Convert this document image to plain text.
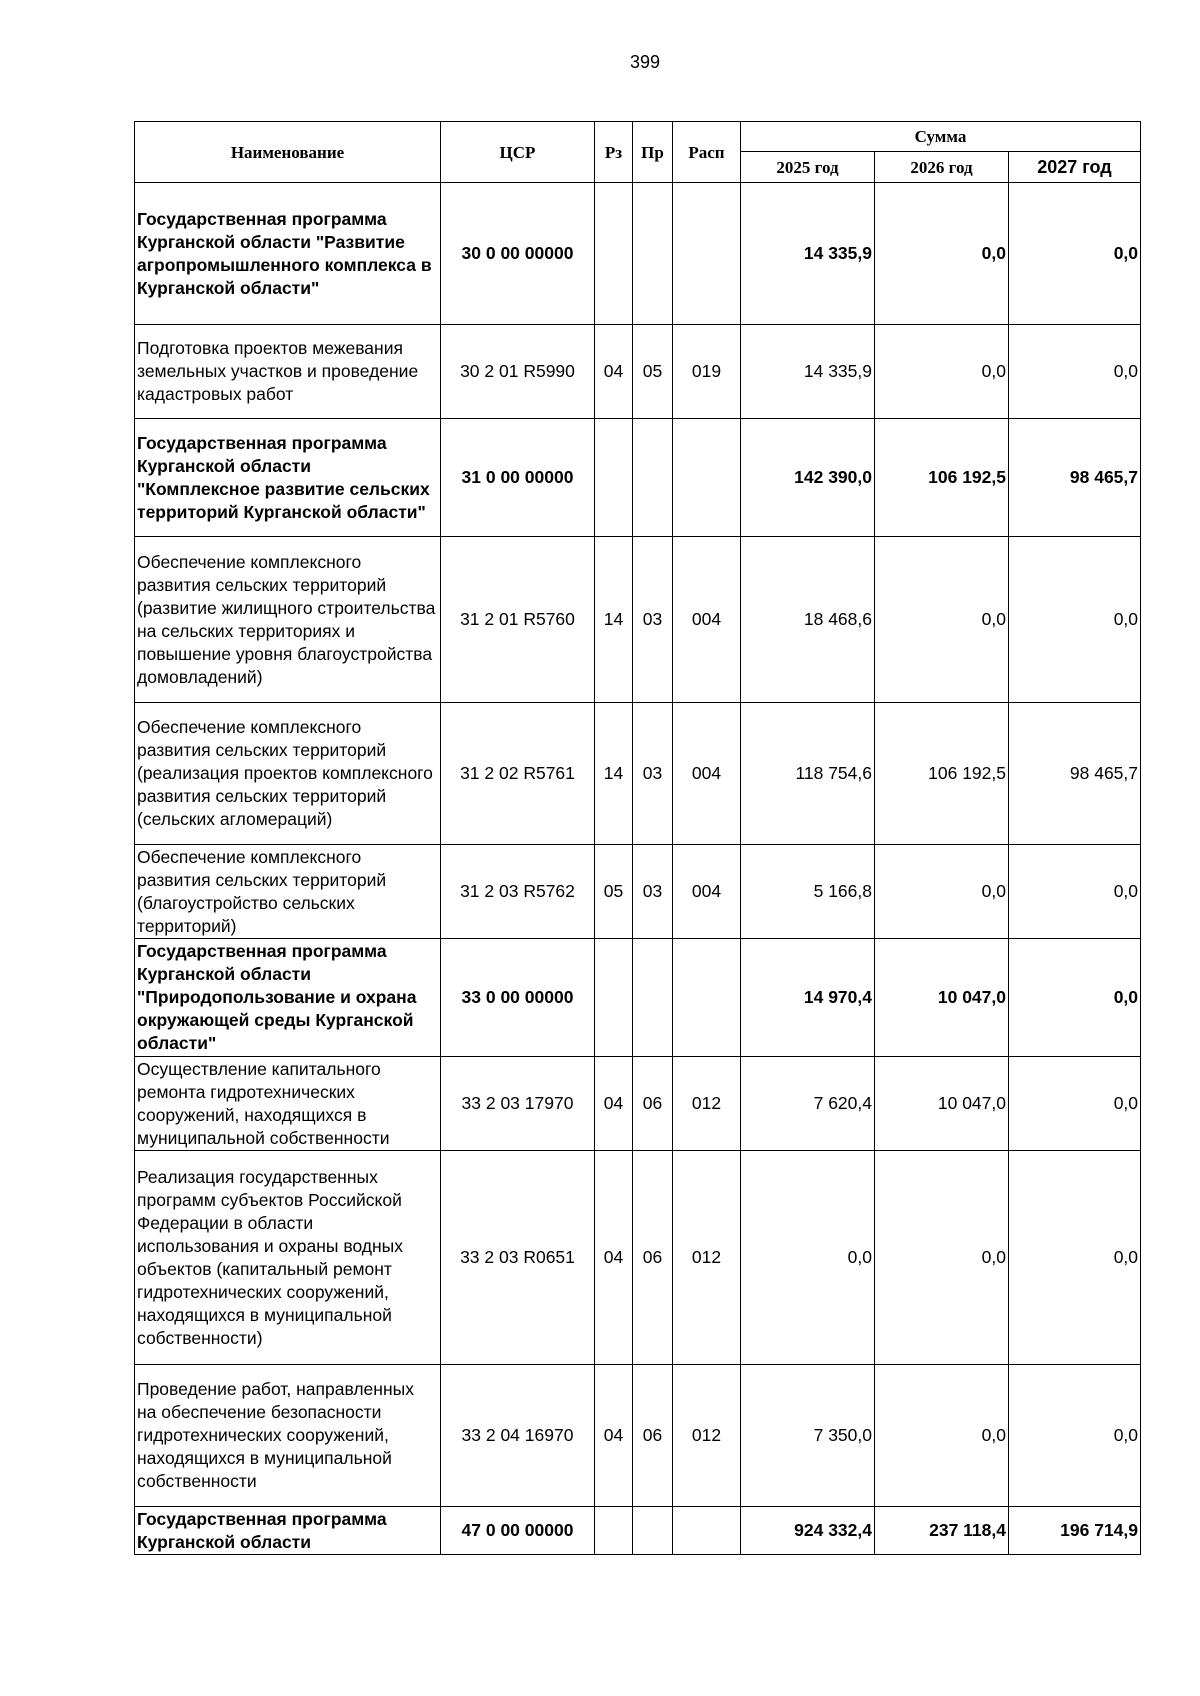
399
Наименование	ЦСР	Рз	Пр	Расп	Сумма		
					2025 год	2026 год	2027 год
Государственная программа Курганской области "Развитие агропромышленного комплекса в Курганской области"	30 0 00 00000				14 335,9	0,0	0,0
Подготовка проектов межевания земельных участков и проведение кадастровых работ	30 2 01 R5990	04	05	019	14 335,9	0,0	0,0
Государственная программа Курганской области "Комплексное развитие сельских территорий Курганской области"	31 0 00 00000				142 390,0	106 192,5	98 465,7
Обеспечение комплексного развития сельских территорий (развитие жилищного строительства на сельских территориях и повышение уровня благоустройства домовладений)	31 2 01 R5760	14	03	004	18 468,6	0,0	0,0
Обеспечение комплексного развития сельских территорий (реализация проектов комплексного развития сельских территорий (сельских агломераций)	31 2 02 R5761	14	03	004	118 754,6	106 192,5	98 465,7
Обеспечение комплексного развития сельских территорий (благоустройство сельских территорий)	31 2 03 R5762	05	03	004	5 166,8	0,0	0,0
Государственная программа Курганской области "Природопользование и охрана окружающей среды Курганской области"	33 0 00 00000				14 970,4	10 047,0	0,0
Осуществление капитального ремонта гидротехнических сооружений, находящихся в муниципальной собственности	33 2 03 17970	04	06	012	7 620,4	10 047,0	0,0
Реализация государственных программ субъектов Российской Федерации в области использования и охраны водных объектов (капитальный ремонт гидротехнических сооружений, находящихся в муниципальной собственности)	33 2 03 R0651	04	06	012	0,0	0,0	0,0
Проведение работ, направленных на обеспечение безопасности гидротехнических сооружений, находящихся в муниципальной собственности	33 2 04 16970	04	06	012	7 350,0	0,0	0,0
Государственная программа Курганской области	47 0 00 00000				924 332,4	237 118,4	196 714,9
